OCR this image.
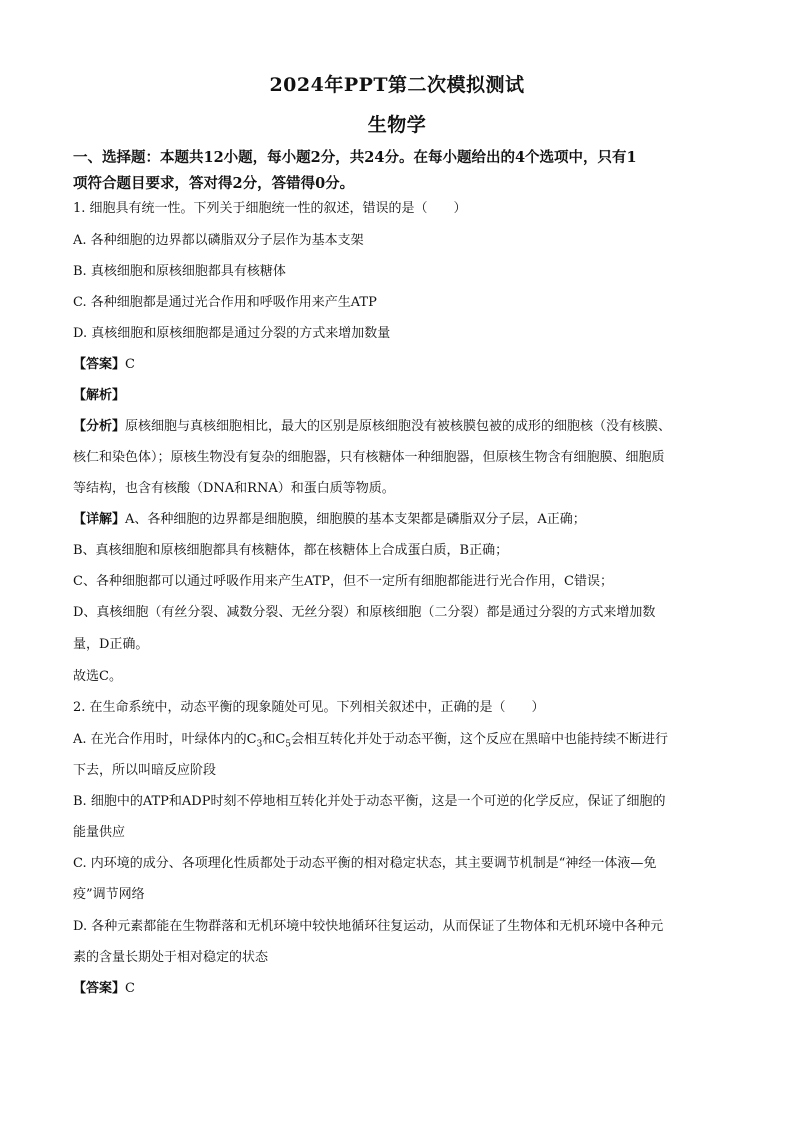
2024年PPT第二次模拟测试
生物学
一、选择题：本题共12小题，每小题2分，共24分。在每小题给出的4个选项中，只有1
项符合题目要求，答对得2分，答错得0分。
1. 细胞具有统一性。下列关于细胞统一性的叙述，错误的是（　　）
A. 各种细胞的边界都以磷脂双分子层作为基本支架
B. 真核细胞和原核细胞都具有核糖体
C. 各种细胞都是通过光合作用和呼吸作用来产生ATP
D. 真核细胞和原核细胞都是通过分裂的方式来增加数量
【答案】C
【解析】
【分析】原核细胞与真核细胞相比，最大的区别是原核细胞没有被核膜包被的成形的细胞核（没有核膜、
核仁和染色体）；原核生物没有复杂的细胞器，只有核糖体一种细胞器，但原核生物含有细胞膜、细胞质
等结构，也含有核酸（DNA和RNA）和蛋白质等物质。
【详解】A、各种细胞的边界都是细胞膜，细胞膜的基本支架都是磷脂双分子层，A正确；
B、真核细胞和原核细胞都具有核糖体，都在核糖体上合成蛋白质，B正确；
C、各种细胞都可以通过呼吸作用来产生ATP，但不一定所有细胞都能进行光合作用，C错误；
D、真核细胞（有丝分裂、减数分裂、无丝分裂）和原核细胞（二分裂）都是通过分裂的方式来增加数
量，D正确。
故选C。
2. 在生命系统中，动态平衡的现象随处可见。下列相关叙述中，正确的是（　　）
A. 在光合作用时，叶绿体内的$C_3$和$C_5$会相互转化并处于动态平衡，这个反应在黑暗中也能持续不断进行
下去，所以叫暗反应阶段
B. 细胞中的ATP和ADP时刻不停地相互转化并处于动态平衡，这是一个可逆的化学反应，保证了细胞的
能量供应
C. 内环境的成分、各项理化性质都处于动态平衡的相对稳定状态，其主要调节机制是“神经一体液—免
疫”调节网络
D. 各种元素都能在生物群落和无机环境中较快地循环往复运动，从而保证了生物体和无机环境中各种元
素的含量长期处于相对稳定的状态
【答案】C
